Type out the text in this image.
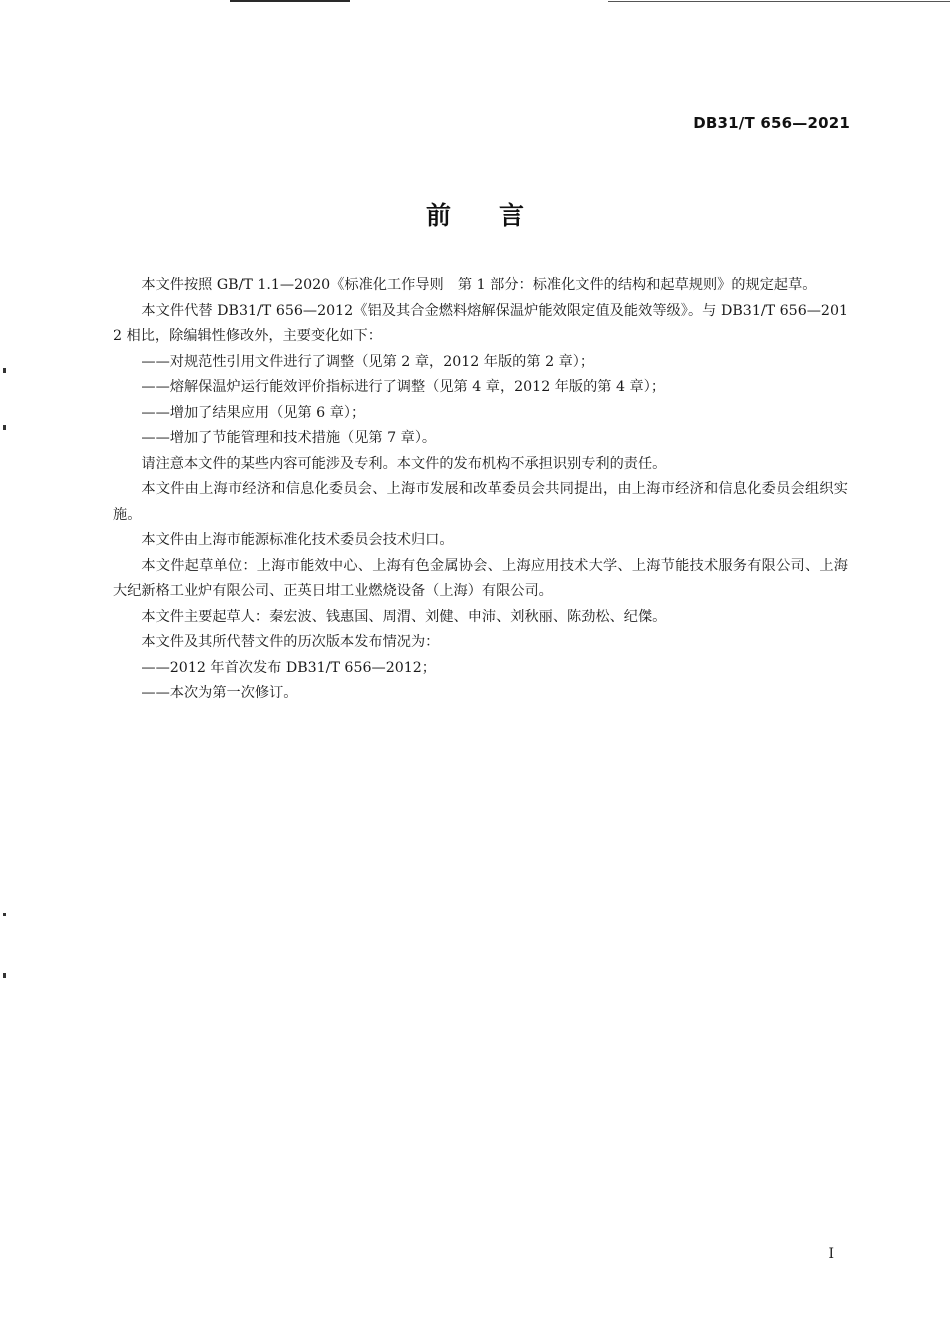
DB31/T 656—2021
前言

本文件按照 GB/T 1.1—2020《标准化工作导则　第 1 部分：标准化文件的结构和起草规则》的规定起草。

本文件代替 DB31/T 656—2012《铝及其合金燃料熔解保温炉能效限定值及能效等级》。与 DB31/T 656—2012 相比，除编辑性修改外，主要变化如下：

——对规范性引用文件进行了调整（见第 2 章，2012 年版的第 2 章）；

——熔解保温炉运行能效评价指标进行了调整（见第 4 章，2012 年版的第 4 章）；

——增加了结果应用（见第 6 章）；

——增加了节能管理和技术措施（见第 7 章）。

请注意本文件的某些内容可能涉及专利。本文件的发布机构不承担识别专利的责任。

本文件由上海市经济和信息化委员会、上海市发展和改革委员会共同提出，由上海市经济和信息化委员会组织实施。

本文件由上海市能源标准化技术委员会技术归口。

本文件起草单位：上海市能效中心、上海有色金属协会、上海应用技术大学、上海节能技术服务有限公司、上海大纪新格工业炉有限公司、正英日坩工业燃烧设备（上海）有限公司。

本文件主要起草人：秦宏波、钱惠国、周渭、刘健、申沛、刘秋丽、陈劲松、纪傑。

本文件及其所代替文件的历次版本发布情况为：

——2012 年首次发布 DB31/T 656—2012；

——本次为第一次修订。

I
